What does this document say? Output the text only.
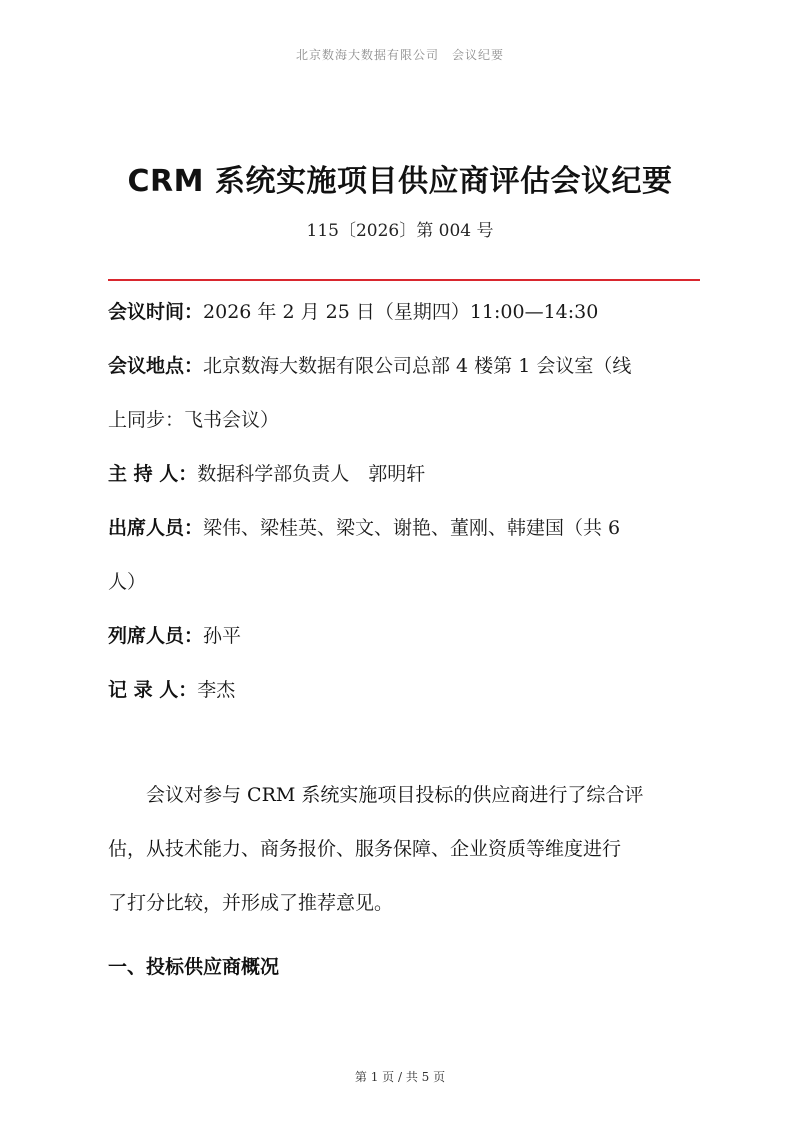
北京数海大数据有限公司　会议纪要
CRM 系统实施项目供应商评估会议纪要
115〔2026〕第 004 号
会议时间：2026 年 2 月 25 日（星期四）11:00—14:30
会议地点：北京数海大数据有限公司总部 4 楼第 1 会议室（线
上同步：飞书会议）
主 持 人：数据科学部负责人　郭明轩
出席人员：梁伟、梁桂英、梁文、谢艳、董刚、韩建国（共 6
人）
列席人员：孙平
记 录 人：李杰
　　会议对参与 CRM 系统实施项目投标的供应商进行了综合评
估，从技术能力、商务报价、服务保障、企业资质等维度进行
了打分比较，并形成了推荐意见。
一、投标供应商概况
第 1 页 / 共 5 页
